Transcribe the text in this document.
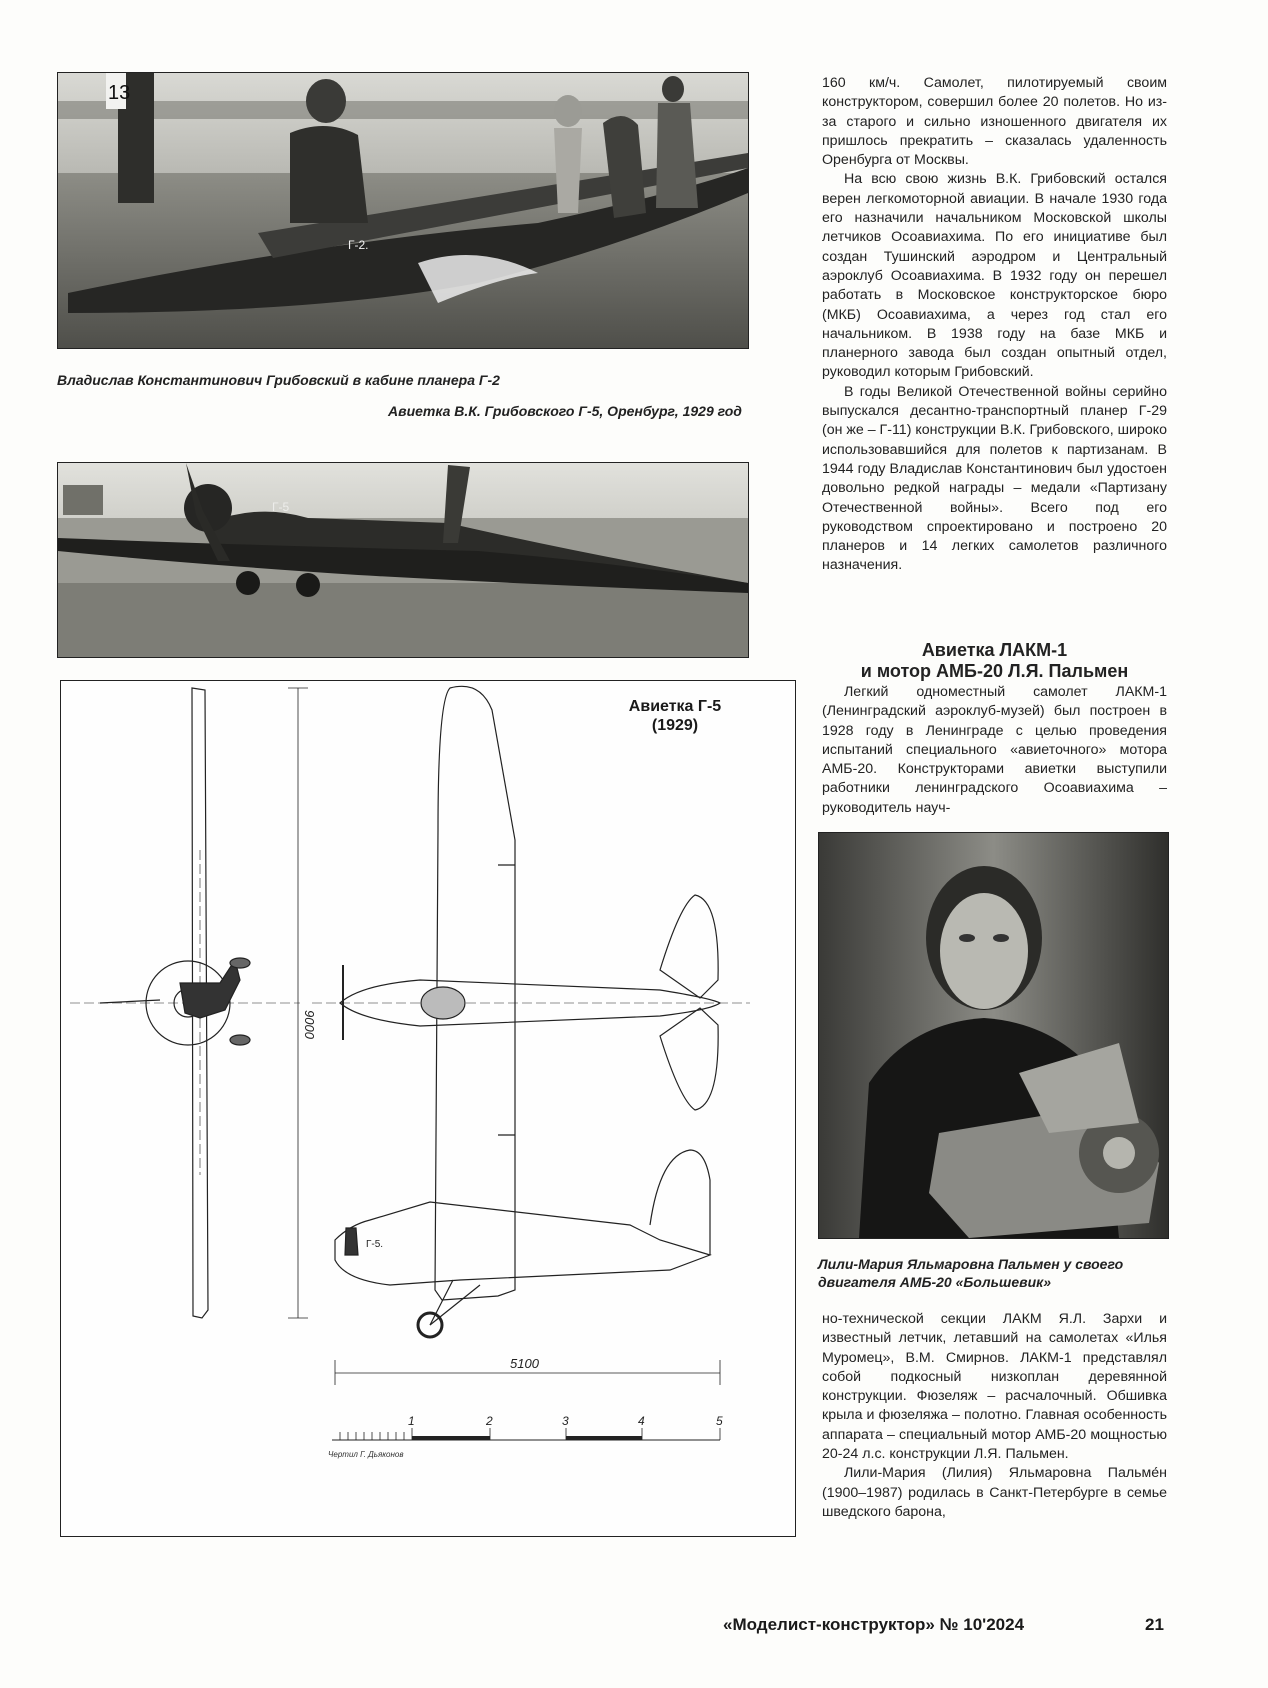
13
Г-2.
Владислав Константинович Грибовский в кабине планера Г-2
Авиетка В.К. Грибовского Г-5, Оренбург, 1929 год
Г-5
9000
5100
Г-5.
1	2	3	4	5
Чертил Г. Дьяконов
Авиетка Г-5
(1929)

160 км/ч. Самолет, пилотируемый своим конструктором, совершил более 20 полетов. Но из-за старого и сильно изношенного двигателя их пришлось прекратить – сказалась удаленность Оренбурга от Москвы.

На всю свою жизнь В.К. Грибовский остался верен легкомоторной авиации. В начале 1930 года его назначили начальником Московской школы летчиков Осоавиахима. По его инициативе был создан Тушинский аэродром и Центральный аэроклуб Осоавиахима. В 1932 году он перешел работать в Московское конструкторское бюро (МКБ) Осоавиахима, а через год стал его начальником. В 1938 году на базе МКБ и планерного завода был создан опытный отдел, руководил которым Грибовский.

В годы Великой Отечественной войны серийно выпускался десантно-транспортный планер Г-29 (он же – Г-11) конструкции В.К. Грибовского, широко использовавшийся для полетов к партизанам. В 1944 году Владислав Константинович был удостоен довольно редкой награды – медали «Партизану Отечественной войны». Всего под его руководством спроектировано и построено 20 планеров и 14 легких самолетов различного назначения.

Авиетка ЛАКМ-1
и мотор АМБ-20 Л.Я. Пальмен

Легкий одноместный самолет ЛАКМ-1 (Ленинградский аэроклуб-музей) был построен в 1928 году в Ленинграде с целью проведения испытаний специального «авиеточного» мотора АМБ-20. Конструкторами авиетки выступили работники ленинградского Осоавиахима – руководитель науч-

Лили-Мария Яльмаровна Пальмен у своего
двигателя АМБ-20 «Большевик»

но-технической секции ЛАКМ Я.Л. Зархи и известный летчик, летавший на самолетах «Илья Муромец», В.М. Смирнов. ЛАКМ-1 представлял собой подкосный низкоплан деревянной конструкции. Фюзеляж – расчалочный. Обшивка крыла и фюзеляжа – полотно. Главная особенность аппарата – специальный мотор АМБ-20 мощностью 20-24 л.с. конструкции Л.Я. Пальмен.

Лили-Мария (Лилия) Яльмаровна Пальме́н (1900–1987) родилась в Санкт-Петербурге в семье шведского барона,

«Моделист-конструктор» № 10'2024	21
